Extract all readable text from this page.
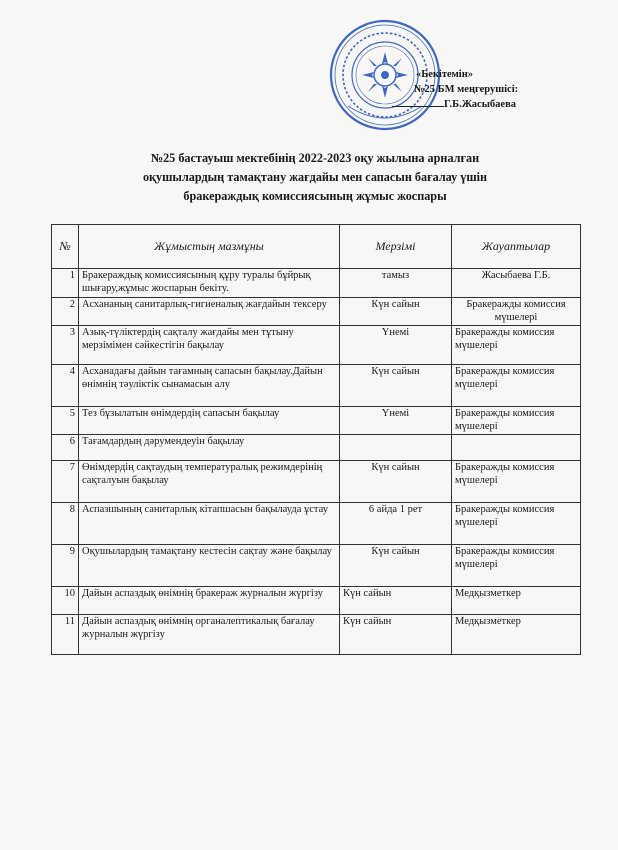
«Бекітемін»
№25 БМ меңгерушісі:
Г.Б.Жасыбаева
№25 бастауыш мектебінің 2022-2023 оқу жылына арналған
оқушылардың тамақтану жағдайы мен сапасын бағалау үшін
бракераждық комиссиясының жұмыс жоспары
№	Жұмыстың мазмұны	Мерзімі	Жауаптылар
1	Бракераждық комиссиясының құру туралы бұйрық шығару,жұмыс жоспарын бекіту.	тамыз	Жасыбаева Г.Б.
2	Асхананың санитарлық-гигиеналық жағдайын тексеру	Күн сайын	Бракеражды комиссия мүшелері
3	Азық-түліктердің сақталу жағдайы мен тұтыну мерзімімен сәйкестігін бақылау	Үнемі	Бракеражды комиссия мүшелері
4	Асханадағы дайын тағамның сапасын бақылау.Дайын өнімнің тәуліктік сынамасын алу	Күн сайын	Бракеражды комиссия мүшелері
5	Тез бұзылатын өнімдердің сапасын бақылау	Үнемі	Бракеражды комиссия мүшелері
6	Тағамдардың дәрумендеуін бақылау		
7	Өнімдердің сақтаудың температуралық режимдерінің сақталуын бақылау	Күн сайын	Бракеражды комиссия мүшелері
8	Аспазшының санитарлық кітапшасын бақылауда ұстау	6 айда 1 рет	Бракеражды комиссия мүшелері
9	Оқушылардың тамақтану кестесін сақтау және бақылау	Күн сайын	Бракеражды комиссия мүшелері
10	Дайын аспаздық өнімнің бракераж журналын жүргізу	Күн сайын	Медқызметкер
11	Дайын аспаздық өнімнің органалептикалық бағалау журналын жүргізу	Күн сайын	Медқызметкер
